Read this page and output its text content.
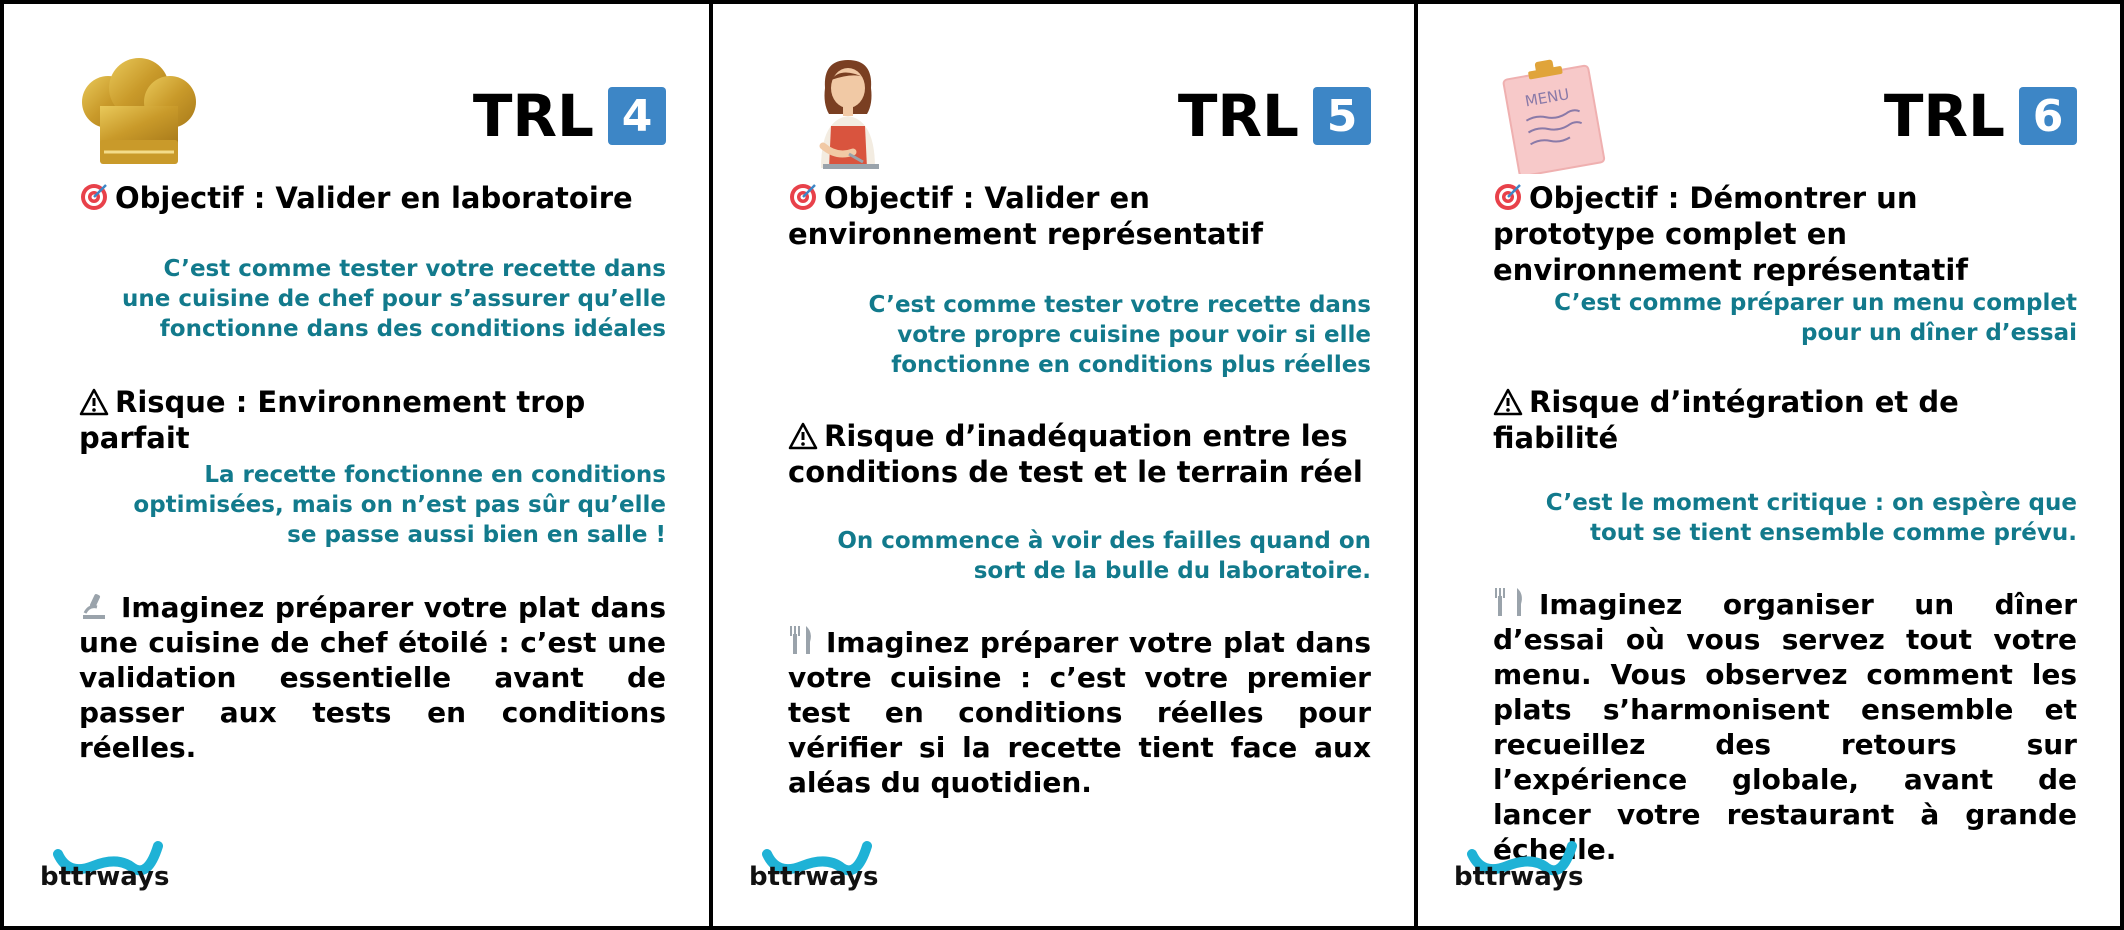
TRL 4
Objectif : Valider en laboratoire
C’est comme tester votre recette dans une cuisine de chef pour s’assurer qu’elle fonctionne dans des conditions idéales
Risque : Environnement trop parfait
La recette fonctionne en conditions optimisées, mais on n’est pas sûr qu’elle se passe aussi bien en salle !
Imaginez préparer votre plat dans une cuisine de chef étoilé : c’est une validation essentielle avant de passer aux tests en conditions réelles.
bttrways
TRL 5
Objectif : Valider en environnement représentatif
C’est comme tester votre recette dans votre propre cuisine pour voir si elle fonctionne en conditions plus réelles
Risque d’inadéquation entre les conditions de test et le terrain réel
On commence à voir des failles quand on sort de la bulle du laboratoire.
Imaginez préparer votre plat dans votre cuisine : c’est votre premier test en conditions réelles pour vérifier si la recette tient face aux aléas du quotidien.
bttrways
MENU	TRL 6
Objectif : Démontrer un prototype complet en environnement représentatif
C’est comme préparer un menu complet pour un dîner d’essai
Risque d’intégration et de fiabilité
C’est le moment critique : on espère que tout se tient ensemble comme prévu.
Imaginez organiser un dîner d’essai où vous servez tout votre menu. Vous observez comment les plats s’harmonisent ensemble et recueillez des retours sur l’expérience globale, avant de lancer votre restaurant à grande échelle.
bttrways
